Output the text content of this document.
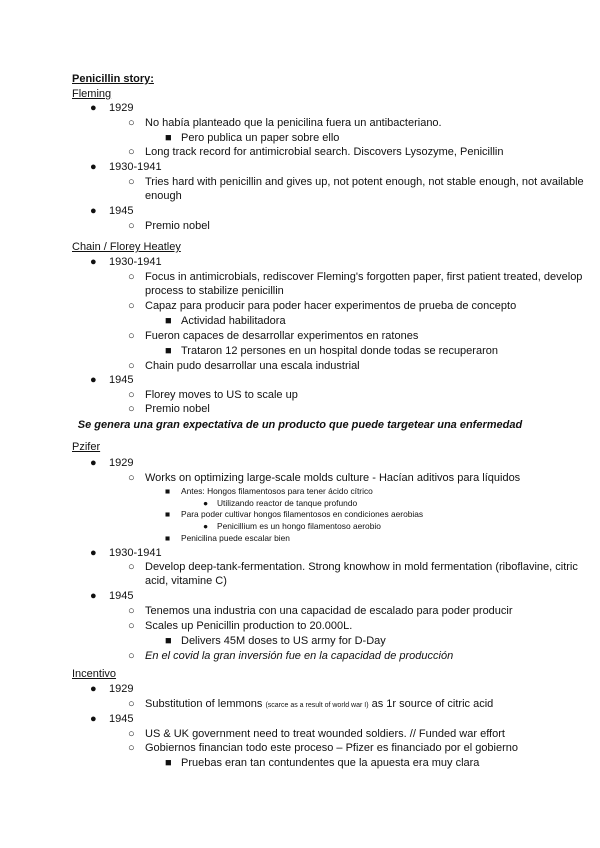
Penicillin story:
Fleming
● 1929
○ No había planteado que la penicilina fuera un antibacteriano.
■ Pero publica un paper sobre ello
○ Long track record for antimicrobial search. Discovers Lysozyme, Penicillin
● 1930-1941
○ Tries hard with penicillin and gives up, not potent enough, not stable enough, not available enough
● 1945
○ Premio nobel
Chain / Florey Heatley
● 1930-1941
○ Focus in antimicrobials, rediscover Fleming's forgotten paper, first patient treated, develop process to stabilize penicillin
○ Capaz para producir para poder hacer experimentos de prueba de concepto
■ Actividad habilitadora
○ Fueron capaces de desarrollar experimentos en ratones
■ Trataron 12 persones en un hospital donde todas se recuperaron
○ Chain pudo desarrollar una escala industrial
● 1945
○ Florey moves to US to scale up
○ Premio nobel
Se genera una gran expectativa de un producto que puede targetear una enfermedad
Pzifer
● 1929
○ Works on optimizing large-scale molds culture - Hacían aditivos para líquidos
■ Antes: Hongos filamentosos para tener ácido cítrico
● Utilizando reactor de tanque profundo
■ Para poder cultivar hongos filamentosos en condiciones aerobias
● Penicillium es un hongo filamentoso aerobio
■ Penicilina puede escalar bien
● 1930-1941
○ Develop deep-tank-fermentation. Strong knowhow in mold fermentation (riboflavine, citric acid, vitamine C)
● 1945
○ Tenemos una industria con una capacidad de escalado para poder producir
○ Scales up Penicillin production to 20.000L.
■ Delivers 45M doses to US army for D-Day
○ En el covid la gran inversión fue en la capacidad de producción
Incentivo
● 1929
○ Substitution of lemmons (scarce as a result of world war I) as 1r source of citric acid
● 1945
○ US & UK government need to treat wounded soldiers. // Funded war effort
○ Gobiernos financian todo este proceso – Pfizer es financiado por el gobierno
■ Pruebas eran tan contundentes que la apuesta era muy clara
